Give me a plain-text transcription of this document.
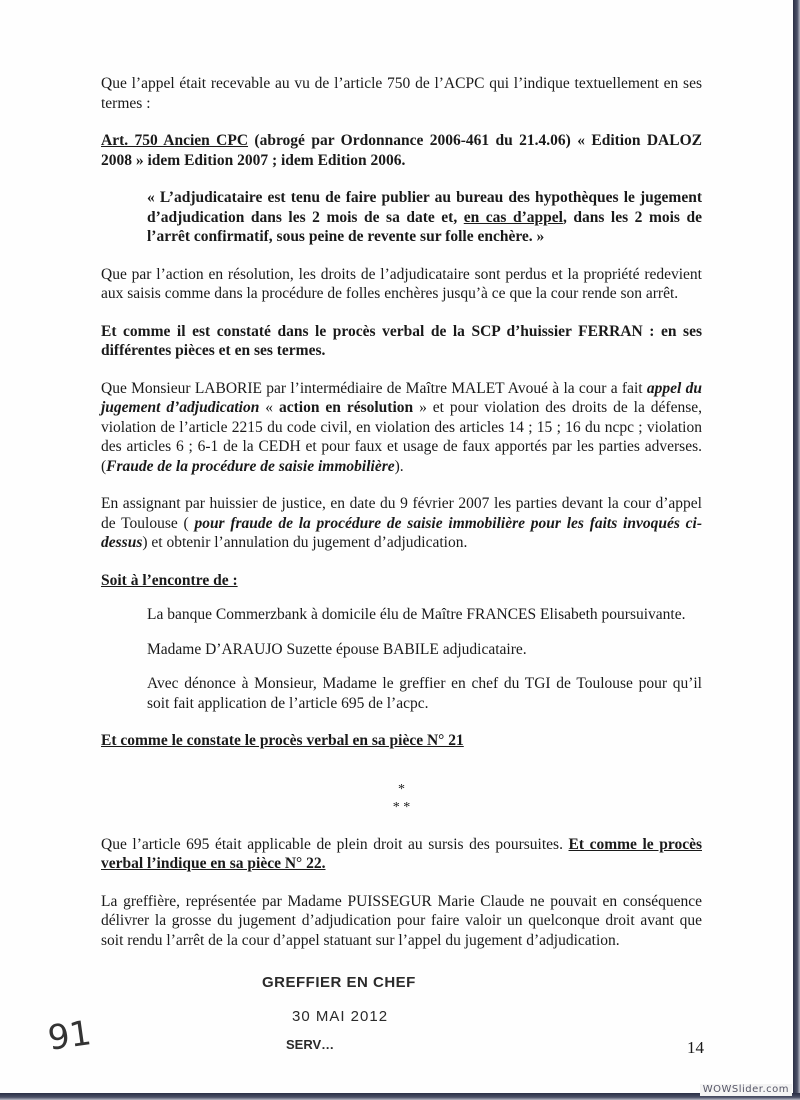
Que l’appel était recevable au vu de l’article 750 de l’ACPC qui l’indique textuellement en ses termes :

Art. 750 Ancien CPC (abrogé par Ordonnance 2006-461 du 21.4.06) « Edition DALOZ 2008 » idem Edition 2007 ; idem Edition 2006.

« L’adjudicataire est tenu de faire publier au bureau des hypothèques le jugement d’adjudication dans les 2 mois de sa date et, en cas d’appel, dans les 2 mois de l’arrêt confirmatif, sous peine de revente sur folle enchère. »

Que par l’action en résolution, les droits de l’adjudicataire sont perdus et la propriété redevient aux saisis comme dans la procédure de folles enchères jusqu’à ce que la cour rende son arrêt.

Et comme il est constaté dans le procès verbal de la SCP d’huissier FERRAN : en ses différentes pièces et en ses termes.

Que Monsieur LABORIE par l’intermédiaire de Maître MALET Avoué à la cour a fait appel du jugement d’adjudication « action en résolution » et pour violation des droits de la défense, violation de l’article 2215 du code civil, en violation des articles 14 ; 15 ; 16 du ncpc ; violation des articles 6 ; 6-1 de la CEDH et pour faux et usage de faux apportés par les parties adverses. (Fraude de la procédure de saisie immobilière).

En assignant par huissier de justice, en date du 9 février 2007 les parties devant la cour d’appel de Toulouse ( pour fraude de la procédure de saisie immobilière pour les faits invoqués ci-dessus) et obtenir l’annulation du jugement d’adjudication.

Soit à l’encontre de :

La banque Commerzbank à domicile élu de Maître FRANCES Elisabeth poursuivante.
Madame D’ARAUJO Suzette épouse BABILE adjudicataire.
Avec dénonce à Monsieur, Madame le greffier en chef du TGI de Toulouse pour qu’il soit fait application de l’article 695 de l’acpc.

Et comme le constate le procès verbal en sa pièce N° 21

*
* *

Que l’article 695 était applicable de plein droit au sursis des poursuites. Et comme le procès verbal l’indique en sa pièce N° 22.

La greffière, représentée par Madame PUISSEGUR Marie Claude ne pouvait en conséquence délivrer la grosse du jugement d’adjudication pour faire valoir un quelconque droit avant que soit rendu l’arrêt de la cour d’appel statuant sur l’appel du jugement d’adjudication.

GREFFIER EN CHEF
30 MAI 2012
SERV…
91	14
WOWSlider.com
